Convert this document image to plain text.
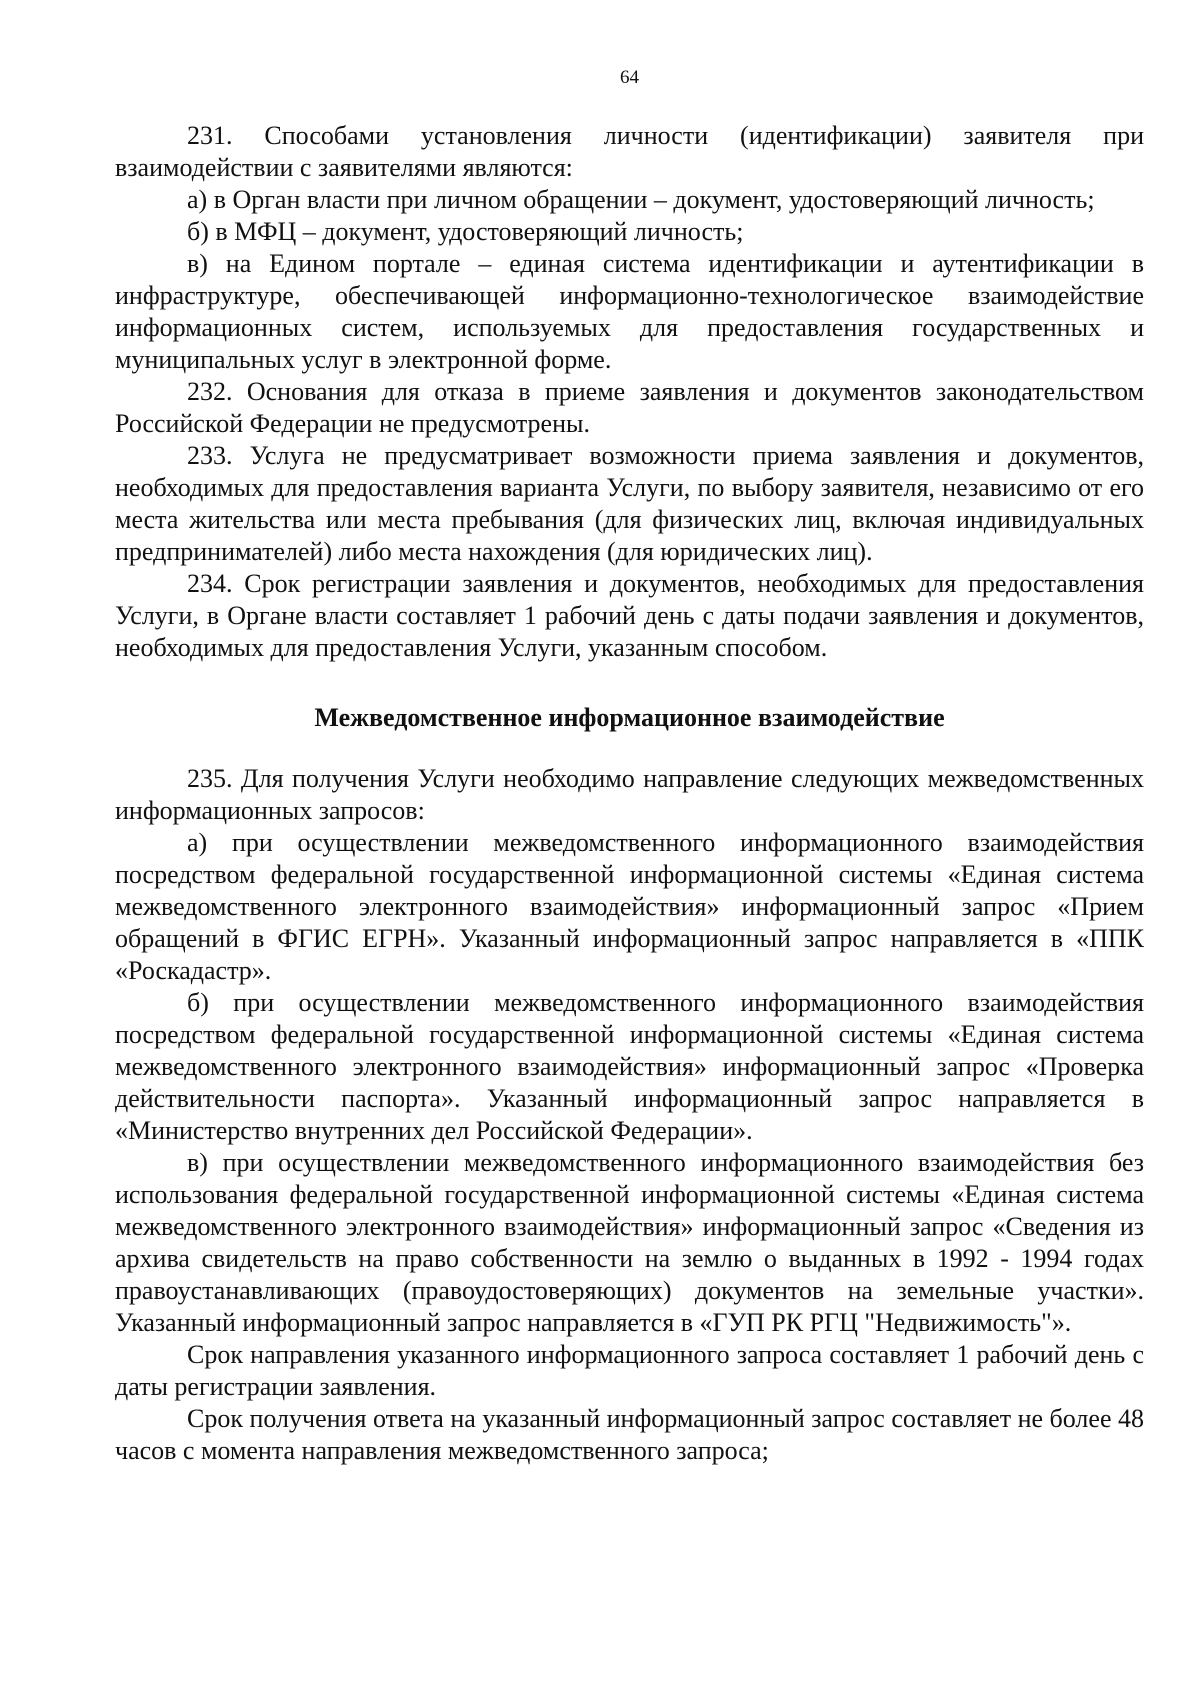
64

231. Способами установления личности (идентификации) заявителя при взаимодействии с заявителями являются:

а) в Орган власти при личном обращении – документ, удостоверяющий личность;

б) в МФЦ – документ, удостоверяющий личность;

в) на Едином портале – единая система идентификации и аутентификации в инфраструктуре, обеспечивающей информационно-технологическое взаимодействие информационных систем, используемых для предоставления государственных и муниципальных услуг в электронной форме.

232. Основания для отказа в приеме заявления и документов законодательством Российской Федерации не предусмотрены.

233. Услуга не предусматривает возможности приема заявления и документов, необходимых для предоставления варианта Услуги, по выбору заявителя, независимо от его места жительства или места пребывания (для физических лиц, включая индивидуальных предпринимателей) либо места нахождения (для юридических лиц).

234. Срок регистрации заявления и документов, необходимых для предоставления Услуги, в Органе власти составляет 1 рабочий день с даты подачи заявления и документов, необходимых для предоставления Услуги, указанным способом.

Межведомственное информационное взаимодействие

235. Для получения Услуги необходимо направление следующих межведомственных информационных запросов:

а) при осуществлении межведомственного информационного взаимодействия посредством федеральной государственной информационной системы «Единая система межведомственного электронного взаимодействия» информационный запрос «Прием обращений в ФГИС ЕГРН». Указанный информационный запрос направляется в «ППК «Роскадастр».

б) при осуществлении межведомственного информационного взаимодействия посредством федеральной государственной информационной системы «Единая система межведомственного электронного взаимодействия» информационный запрос «Проверка действительности паспорта». Указанный информационный запрос направляется в «Министерство внутренних дел Российской Федерации».

в) при осуществлении межведомственного информационного взаимодействия без использования федеральной государственной информационной системы «Единая система межведомственного электронного взаимодействия» информационный запрос «Сведения из архива свидетельств на право собственности на землю о выданных в 1992 - 1994 годах правоустанавливающих (правоудостоверяющих) документов на земельные участки». Указанный информационный запрос направляется в «ГУП РК РГЦ "Недвижимость"».

Срок направления указанного информационного запроса составляет 1 рабочий день с даты регистрации заявления.

Срок получения ответа на указанный информационный запрос составляет не более 48 часов с момента направления межведомственного запроса;
